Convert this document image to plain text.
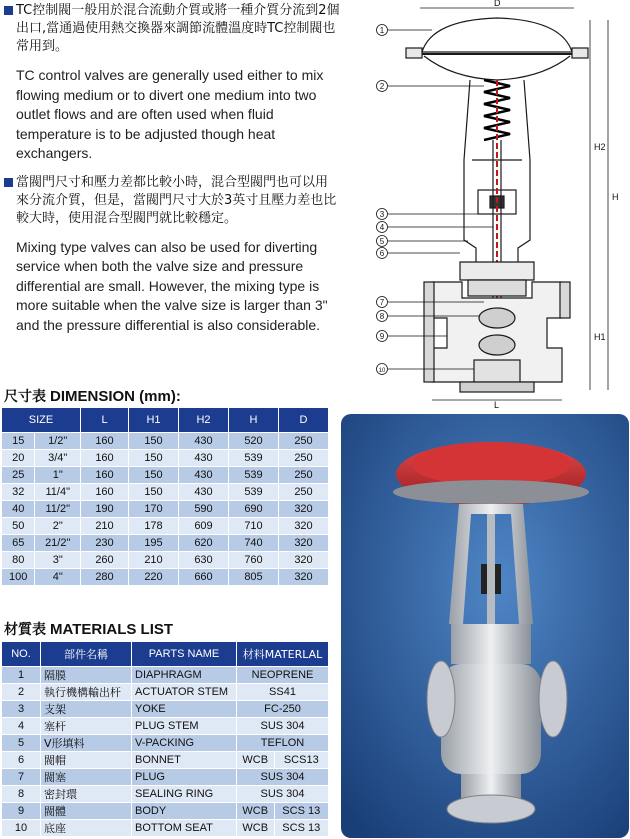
TC控制閥一般用於混合流動介質或將一種介質分流到2個出口,當通過使用熱交換器來調節流體溫度時TC控制閥也常用到。

TC control valves are generally used either to mix flowing medium or to divert one medium into two outlet flows and are often used when fluid temperature is to be adjusted though heat exchangers.

當閥門尺寸和壓力差都比較小時，混合型閥門也可以用來分流介質，但是，當閥門尺寸大於3英寸且壓力差也比較大時，使用混合型閥門就比較穩定。

Mixing type valves can also be used for diverting service when both the valve size and pressure differential are small. However, the mixing type is more suitable when the valve size is larger than 3" and the pressure differential is also considerable.

尺寸表 DIMENSION (mm):
SIZE		L	H1	H2	H	D
15	1/2"	160	150	430	520	250
20	3/4"	160	150	430	539	250
25	1"	160	150	430	539	250
32	11/4"	160	150	430	539	250
40	11/2"	190	170	590	690	320
50	2"	210	178	609	710	320
65	21/2"	230	195	620	740	320
80	3"	260	210	630	760	320
100	4"	280	220	660	805	320
材質表 MATERIALS LIST
NO.	部件名稱	PARTS NAME	材料MATERLAL	
1	隔膜	DIAPHRAGM	NEOPRENE	
2	執行機構輸出杆	ACTUATOR STEM	SS41	
3	支架	YOKE	FC-250	
4	塞杆	PLUG STEM	SUS 304	
5	V形填料	V-PACKING	TEFLON	
6	閥帽	BONNET	WCB	SCS13
7	閥塞	PLUG	SUS 304	
8	密封環	SEALING RING	SUS 304	
9	閥體	BODY	WCB	SCS 13
10	底座	BOTTOM SEAT	WCB	SCS 13
D
H2
H
H1
L
1
2
3
4
5
6
7
8
9
10
